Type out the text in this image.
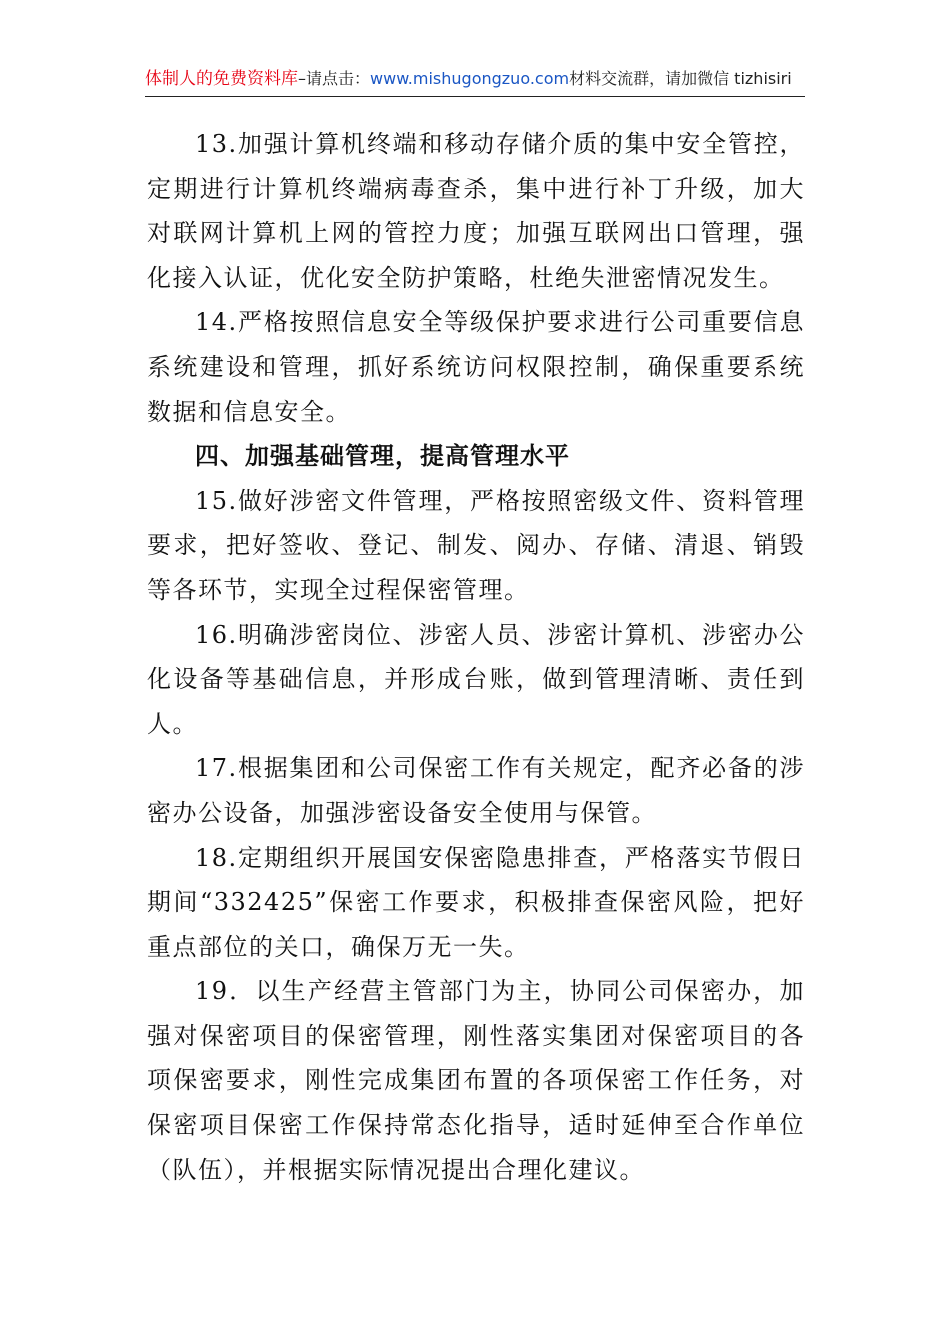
体制人的免费资料库–请点击：www.mishugongzuo.com材料交流群，请加微信 tizhisiri

13.加强计算机终端和移动存储介质的集中安全管控，定期进行计算机终端病毒查杀，集中进行补丁升级，加大对联网计算机上网的管控力度；加强互联网出口管理，强化接入认证，优化安全防护策略，杜绝失泄密情况发生。

14.严格按照信息安全等级保护要求进行公司重要信息系统建设和管理，抓好系统访问权限控制，确保重要系统数据和信息安全。

四、加强基础管理，提高管理水平

15.做好涉密文件管理，严格按照密级文件、资料管理要求，把好签收、登记、制发、阅办、存储、清退、销毁等各环节，实现全过程保密管理。

16.明确涉密岗位、涉密人员、涉密计算机、涉密办公化设备等基础信息，并形成台账，做到管理清晰、责任到人。

17.根据集团和公司保密工作有关规定，配齐必备的涉密办公设备，加强涉密设备安全使用与保管。

18.定期组织开展国安保密隐患排查，严格落实节假日期间“332425”保密工作要求，积极排查保密风险，把好重点部位的关口，确保万无一失。

19．以生产经营主管部门为主，协同公司保密办，加强对保密项目的保密管理，刚性落实集团对保密项目的各项保密要求，刚性完成集团布置的各项保密工作任务，对保密项目保密工作保持常态化指导，适时延伸至合作单位（队伍），并根据实际情况提出合理化建议。
